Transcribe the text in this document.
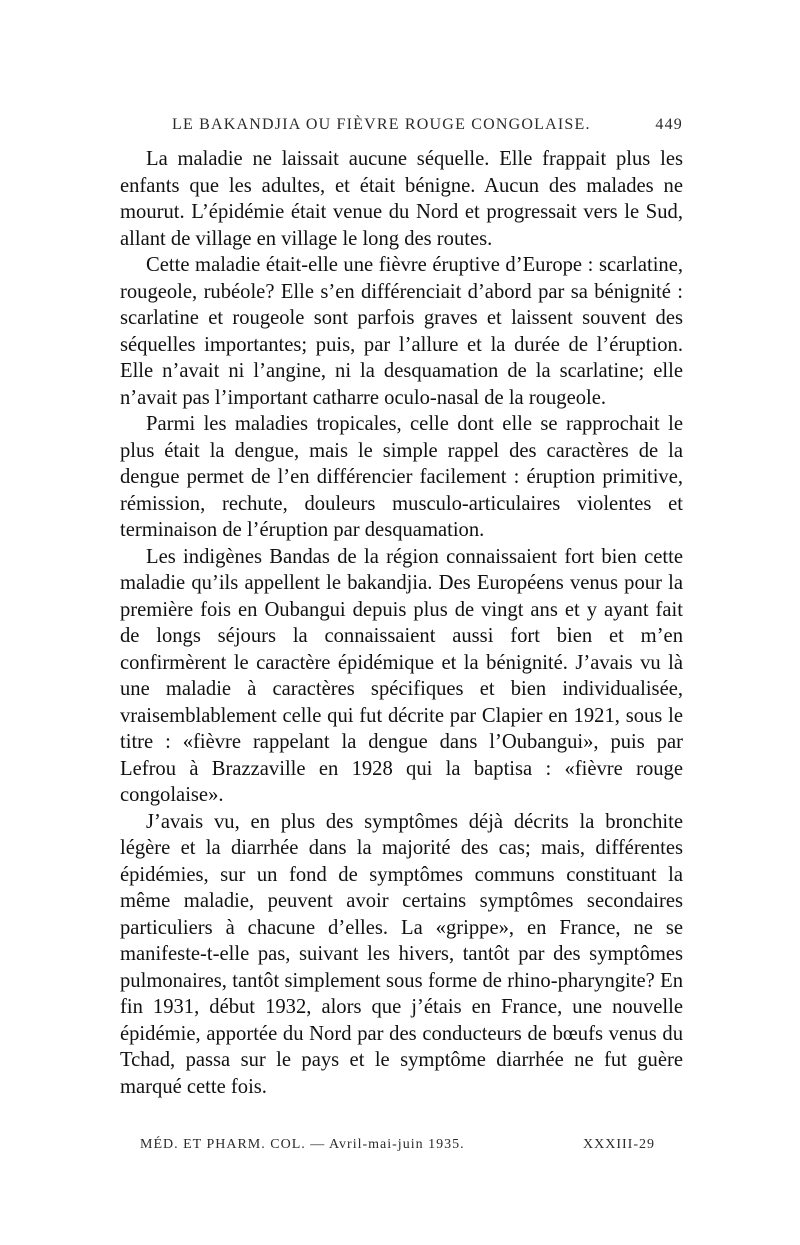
LE BAKANDJIA OU FIÈVRE ROUGE CONGOLAISE.	449

La maladie ne laissait aucune séquelle. Elle frappait plus les enfants que les adultes, et était bénigne. Aucun des malades ne mourut. L’épidémie était venue du Nord et progressait vers le Sud, allant de village en village le long des routes.

Cette maladie était-elle une fièvre éruptive d’Europe : scarlatine, rougeole, rubéole? Elle s’en différenciait d’abord par sa bénignité : scarlatine et rougeole sont parfois graves et laissent souvent des séquelles importantes; puis, par l’allure et la durée de l’éruption. Elle n’avait ni l’angine, ni la desquamation de la scarlatine; elle n’avait pas l’important catharre oculo-nasal de la rougeole.

Parmi les maladies tropicales, celle dont elle se rapprochait le plus était la dengue, mais le simple rappel des caractères de la dengue permet de l’en différencier facilement : éruption primitive, rémission, rechute, douleurs musculo-articulaires violentes et terminaison de l’éruption par desquamation.

Les indigènes Bandas de la région connaissaient fort bien cette maladie qu’ils appellent le bakandjia. Des Européens venus pour la première fois en Oubangui depuis plus de vingt ans et y ayant fait de longs séjours la connaissaient aussi fort bien et m’en confirmèrent le caractère épidémique et la bénignité. J’avais vu là une maladie à caractères spécifiques et bien individualisée, vraisemblablement celle qui fut décrite par Clapier en 1921, sous le titre : «fièvre rappelant la dengue dans l’Oubangui», puis par Lefrou à Brazzaville en 1928 qui la baptisa : «fièvre rouge congolaise».

J’avais vu, en plus des symptômes déjà décrits la bronchite légère et la diarrhée dans la majorité des cas; mais, différentes épidémies, sur un fond de symptômes communs constituant la même maladie, peuvent avoir certains symptômes secondaires particuliers à chacune d’elles. La «grippe», en France, ne se manifeste-t-elle pas, suivant les hivers, tantôt par des symptômes pulmonaires, tantôt simplement sous forme de rhino-pharyngite? En fin 1931, début 1932, alors que j’étais en France, une nouvelle épidémie, apportée du Nord par des conducteurs de bœufs venus du Tchad, passa sur le pays et le symptôme diarrhée ne fut guère marqué cette fois.

MÉD. ET PHARM. COL. — Avril-mai-juin 1935.	XXXIII-29
